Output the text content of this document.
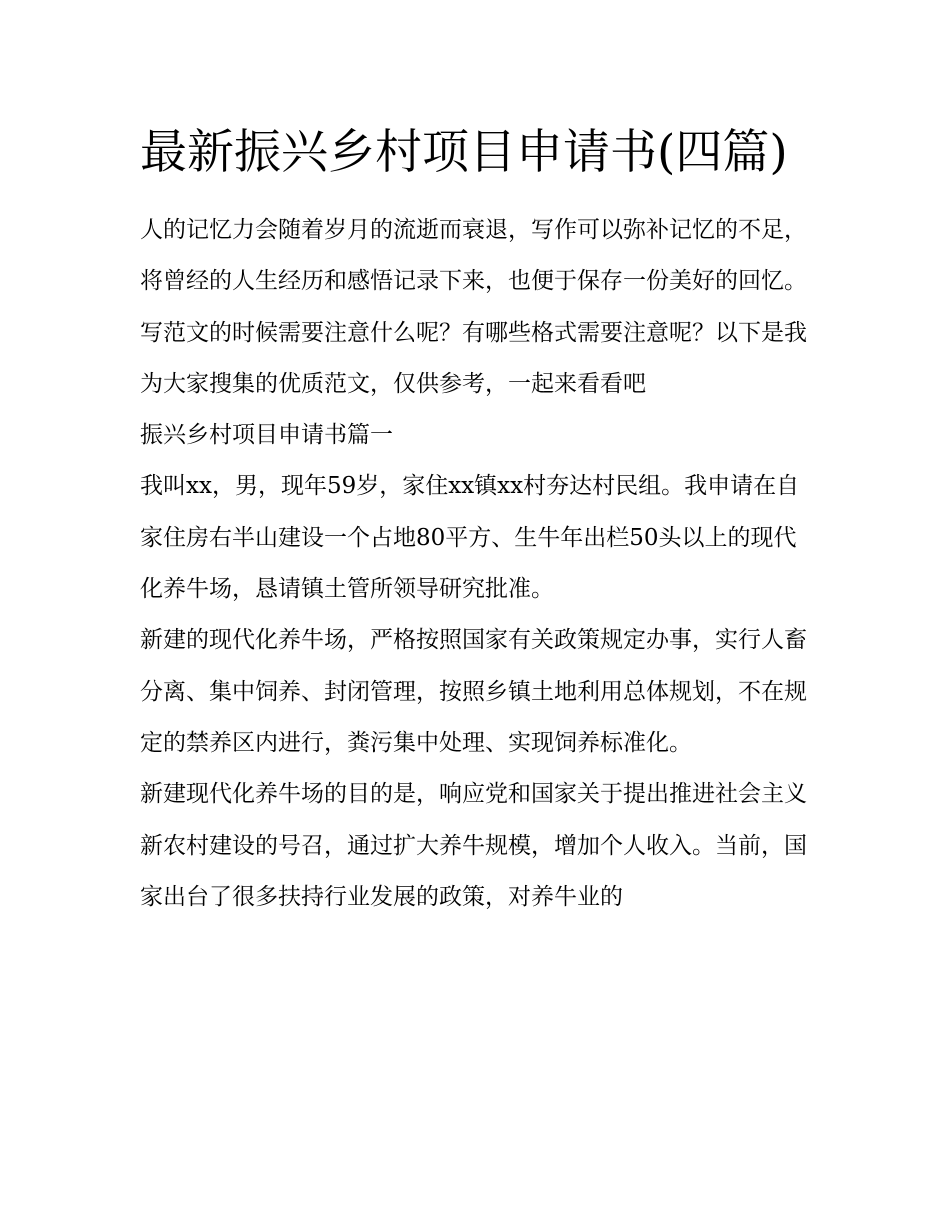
最新振兴乡村项目申请书(四篇)

人的记忆力会随着岁月的流逝而衰退，写作可以弥补记忆的不足，将曾经的人生经历和感悟记录下来，也便于保存一份美好的回忆。写范文的时候需要注意什么呢？有哪些格式需要注意呢？以下是我为大家搜集的优质范文，仅供参考，一起来看看吧

振兴乡村项目申请书篇一

我叫xx，男，现年59岁，家住xx镇xx村夯达村民组。我申请在自家住房右半山建设一个占地80平方、生牛年出栏50头以上的现代化养牛场，恳请镇土管所领导研究批准。

新建的现代化养牛场，严格按照国家有关政策规定办事，实行人畜分离、集中饲养、封闭管理，按照乡镇土地利用总体规划，不在规定的禁养区内进行，粪污集中处理、实现饲养标准化。

新建现代化养牛场的目的是，响应党和国家关于提出推进社会主义新农村建设的号召，通过扩大养牛规模，增加个人收入。当前，国家出台了很多扶持行业发展的政策，对养牛业的
